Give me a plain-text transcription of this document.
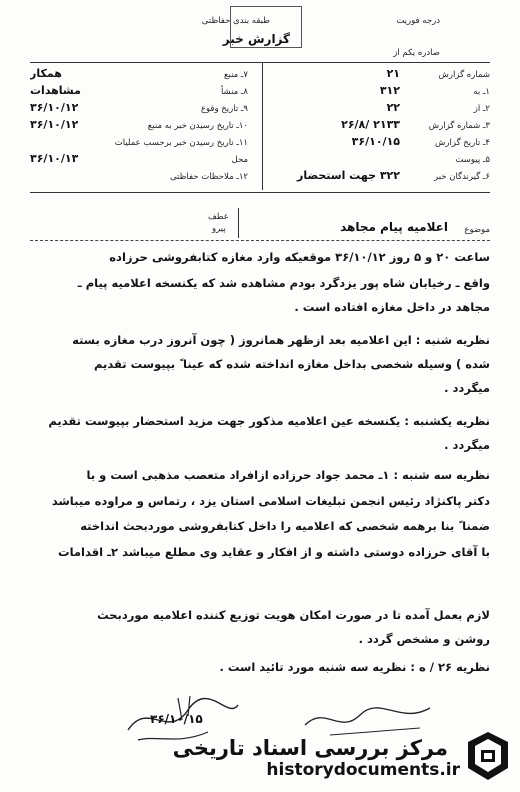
درجه فوریت
طبقه بندی حفاظتی
گزارش خبر
صادره یکم از
شماره گزارش
۲۱
۱ـ به
۳۱۲
۲ـ از
۲۲
۳ـ شماره گزارش
۲۱۳۳ /۲۶/۸
۴ـ تاریخ گزارش
۳۶/۱۰/۱۵
۵ـ پیوست
۶ـ گیرندگان خبر
۳۲۲ جهت استحضار
۷ـ منبع
همکار
۸ـ منشأ
مشاهدات
۹ـ تاریخ وقوع
۳۶/۱۰/۱۲
۱۰ـ تاریخ رسیدن خبر به منبع
۳۶/۱۰/۱۲
۱۱ـ تاریخ رسیدن خبر برحسب عملیات
محل
۳۶/۱۰/۱۳
۱۲ـ ملاحظات حفاظتی
عطف
پیرو	موضوع
اعلامیه پیام مجاهد
ساعت ۲۰ و ۵ روز ۳۶/۱۰/۱۲ موقعیکه وارد مغازه کتابفروشی حرزاده
واقع ـ رخیابان شاه پور یزدگرد بودم مشاهده شد که یکنسخه اعلامیه پیام ـ
مجاهد در داخل مغازه افتاده است .
نظریه شنبه : این اعلامیه بعد ازظهر همانروز ( چون آنروز درب مغازه بسته
شده ) وسیله شخصی بداخل مغازه انداخته شده که عینا ً بپیوست تقدیم
میگردد .
نظریه یکشنبه : یکنسخه عین اعلامیه مذکور جهت مزید استحضار بپیوست تقدیم
میگردد .
نظریه سه شنبه : ۱ـ محمد جواد حرزاده ازافراد متعصب مذهبی است و با
دکتر پاکنژاد رئیس انجمن تبلیغات اسلامی استان یزد ، رتماس و مراوده میباشد
ضمنا ً بنا برهمه شخصی که اعلامیه را داخل کتابفروشی موردبحث انداخته
با آقای حرزاده دوستی داشته و از افکار و عقاید وی مطلع میباشد ۲ـ اقدامات
لازم بعمل آمده تا در صورت امکان هویت توزیع کننده اعلامیه موردبحث
روشن و مشخص گردد .
نظریه ۲۶ / ه : نظریه سه شنبه مورد تائید است .
۳۶/۱۰/۱۵
مرکز بررسی اسناد تاریخی
historydocuments.ir
